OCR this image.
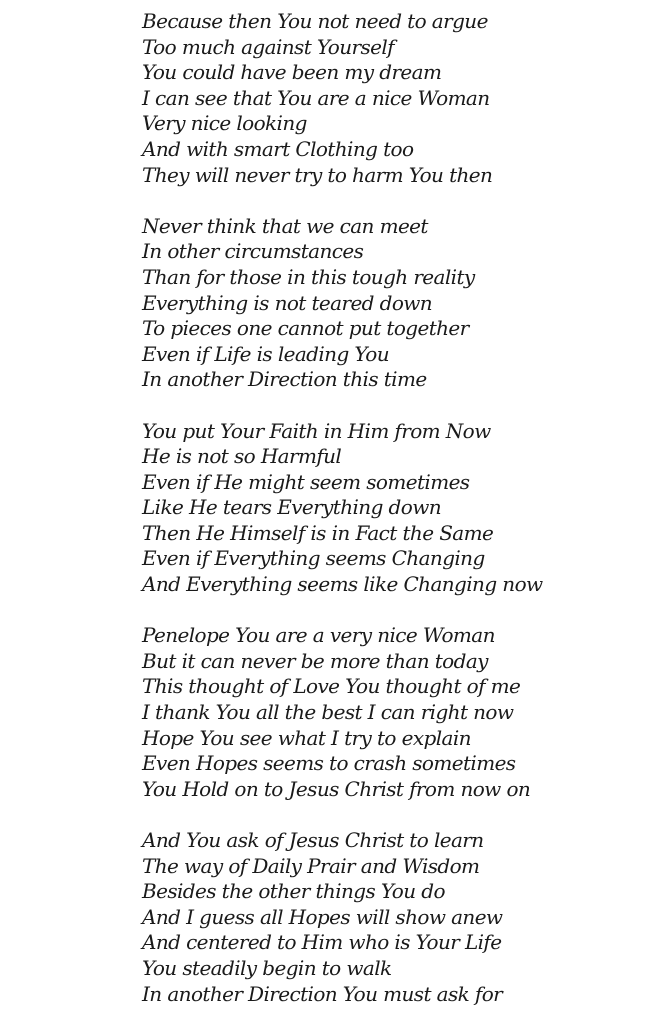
Because then You not need to argue
Too much against Yourself
You could have been my dream
I can see that You are a nice Woman
Very nice looking
And with smart Clothing too
They will never try to harm You then
Never think that we can meet
In other circumstances
Than for those in this tough reality
Everything is not teared down
To pieces one cannot put together
Even if Life is leading You
In another Direction this time
You put Your Faith in Him from Now
He is not so Harmful
Even if He might seem sometimes
Like He tears Everything down
Then He Himself is in Fact the Same
Even if Everything seems Changing
And Everything seems like Changing now
Penelope You are a very nice Woman
But it can never be more than today
This thought of Love You thought of me
I thank You all the best I can right now
Hope You see what I try to explain
Even Hopes seems to crash sometimes
You Hold on to Jesus Christ from now on
And You ask of Jesus Christ to learn
The way of Daily Prair and Wisdom
Besides the other things You do
And I guess all Hopes will show anew
And centered to Him who is Your Life
You steadily begin to walk
In another Direction You must ask for
